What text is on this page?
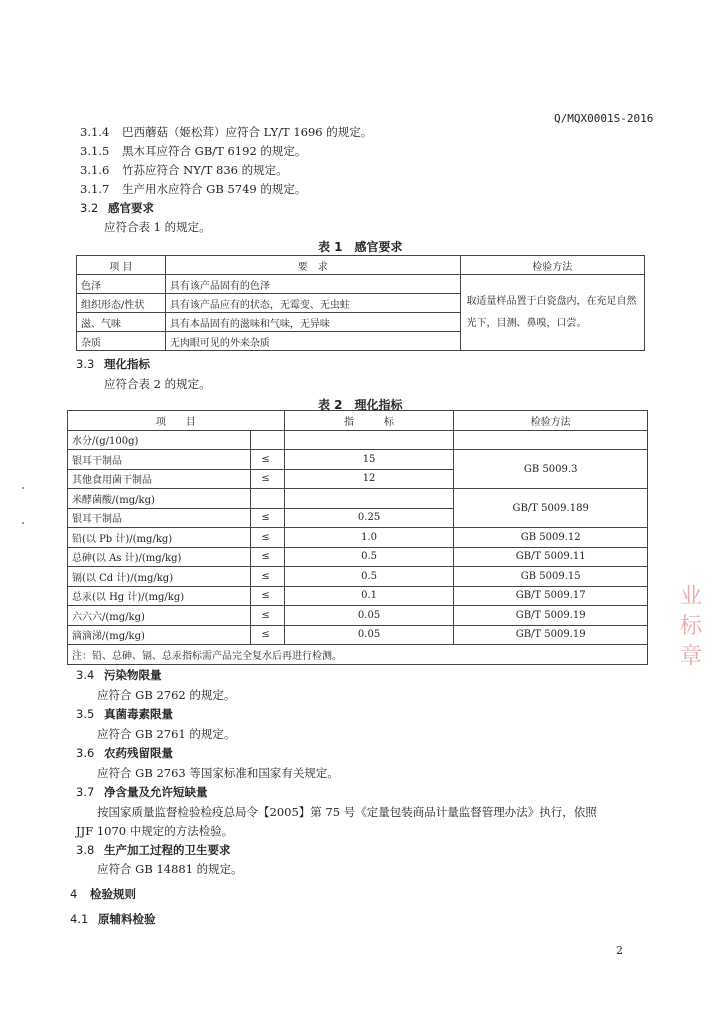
Q/MQX0001S-2016
3.1.4 巴西蘑菇（姬松茸）应符合 LY/T 1696 的规定。
3.1.5 黑木耳应符合 GB/T 6192 的规定。
3.1.6 竹荪应符合 NY/T 836 的规定。
3.1.7 生产用水应符合 GB 5749 的规定。
3.2 感官要求
应符合表 1 的规定。
表 1　感官要求
项 目	要　求	检验方法
色泽	具有该产品固有的色泽	取适量样品置于白瓷盘内，在充足自然光下，目测、鼻嗅，口尝。
组织形态/性状	具有该产品应有的状态，无霉变、无虫蛀	
滋、气味	具有本品固有的滋味和气味，无异味	
杂质	无肉眼可见的外来杂质	
3.3 理化指标
应符合表 2 的规定。
表 2　理化指标
项　　目		指　　　标	检验方法
水分/(g/100g)			
银耳干制品	≤	15	GB 5009.3
其他食用菌干制品	≤	12	
米酵菌酸/(mg/kg)			GB/T 5009.189
银耳干制品	≤	0.25	
铅(以 Pb 计)/(mg/kg)	≤	1.0	GB 5009.12
总砷(以 As 计)/(mg/kg)	≤	0.5	GB/T 5009.11
镉(以 Cd 计)/(mg/kg)	≤	0.5	GB 5009.15
总汞(以 Hg 计)/(mg/kg)	≤	0.1	GB/T 5009.17
六六六/(mg/kg)	≤	0.05	GB/T 5009.19
滴滴涕/(mg/kg)	≤	0.05	GB/T 5009.19
注：铅、总砷、镉、总汞指标需产品完全复水后再进行检测。			
3.4 污染物限量
应符合 GB 2762 的规定。
3.5 真菌毒素限量
应符合 GB 2761 的规定。
3.6 农药残留限量
应符合 GB 2763 等国家标准和国家有关规定。
3.7 净含量及允许短缺量
按国家质量监督检验检疫总局令【2005】第 75 号《定量包装商品计量监督管理办法》执行，依照
JJF 1070 中规定的方法检验。
3.8 生产加工过程的卫生要求
应符合 GB 14881 的规定。
4 检验规则
4.1 原辅料检验
业标
章
2
